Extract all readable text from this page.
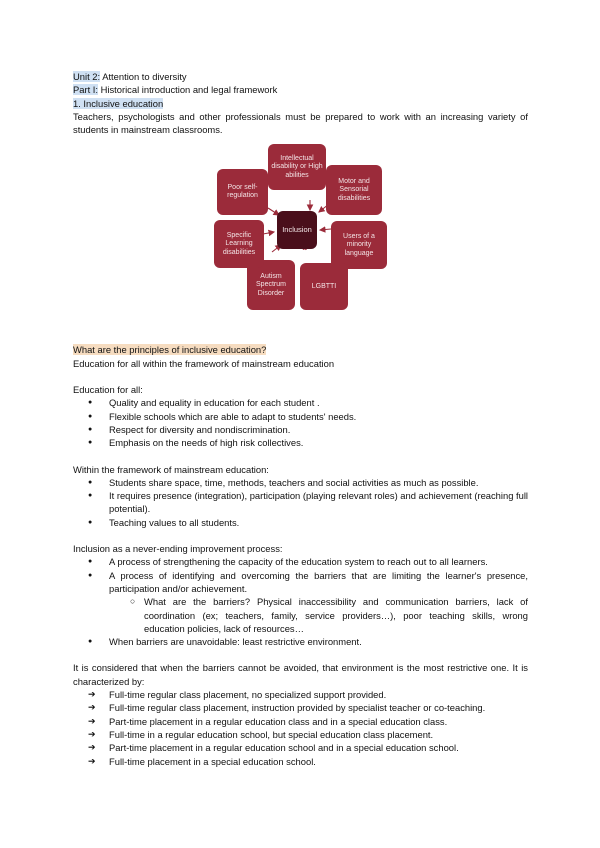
Unit 2: Attention to diversity

Part I: Historical introduction and legal framework

1. Inclusive education

Teachers, psychologists and other professionals must be prepared to work with an increasing variety of students in mainstream classrooms.

Intellectual disability or High abilities
Motor and Sensorial disabilities
Users of a minority language
LGBTTI
Autism Spectrum Disorder
Specific Learning disabilities
Poor self-regulation
Inclusion

What are the principles of inclusive education?

Education for all within the framework of mainstream education

Education for all:

● Quality and equality in education for each student .
● Flexible schools which are able to adapt to students' needs.
● Respect for diversity and nondiscrimination.
● Emphasis on the needs of high risk collectives.

Within the framework of mainstream education:

● Students share space, time, methods, teachers and social activities as much as possible.
● It requires presence (integration), participation (playing relevant roles) and achievement (reaching full potential).
● Teaching values to all students.

Inclusion as a never-ending improvement process:

● A process of strengthening the capacity of the education system to reach out to all learners.
● A process of identifying and overcoming the barriers that are limiting the learner's presence, participation and/or achievement.
○ What are the barriers? Physical inaccessibility and communication barriers, lack of coordination (ex; teachers, family, service providers…), poor teaching skills, wrong education policies, lack of resources…
● When barriers are unavoidable: least restrictive environment.

It is considered that when the barriers cannot be avoided, that environment is the most restrictive one. It is characterized by:

➔ Full-time regular class placement, no specialized support provided.
➔ Full-time regular class placement, instruction provided by specialist teacher or co-teaching.
➔ Part-time placement in a regular education class and in a special education class.
➔ Full-time in a regular education school, but special education class placement.
➔ Part-time placement in a regular education school and in a special education school.
➔ Full-time placement in a special education school.
